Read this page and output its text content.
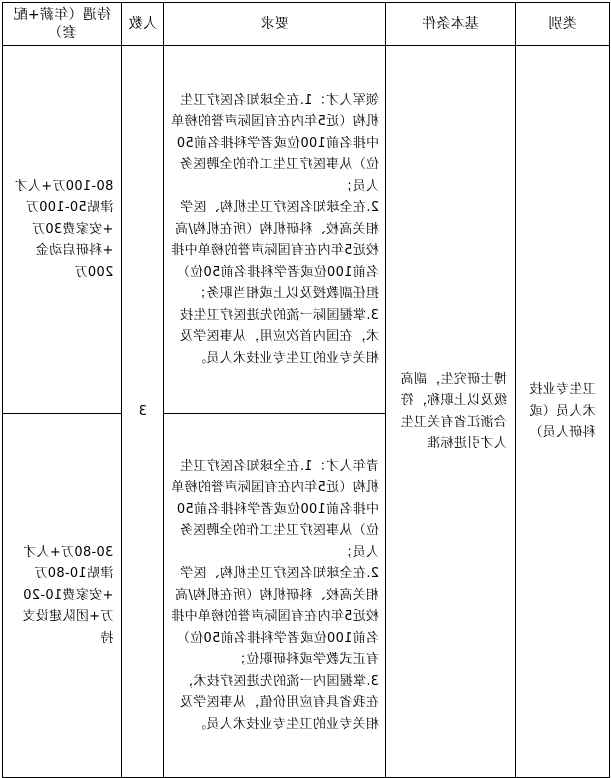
类别	基本条件	要求	人数	待遇（年薪+配套）
卫生专业技术人员（或科研人员）	博士研究生，副高级及以上职称，符合浙江省有关卫生人才引进标准	领军人才：1.在全球知名医疗卫生机构（近5年内在有国际声誉的榜单中排名前100位或者学科排名前50位）从事医疗卫生工作的全聘医务人员；
2.在全球知名医疗卫生机构、医学相关高校、科研机构（所在机构/高校近5年内在有国际声誉的榜单中排名前100位或者学科排名前50位）担任副教授及以上或相当职务；
3.掌握国际一流的先进医疗卫生技术，在国内首次应用，从事医学及相关专业的卫生专业技术人员。	3	80-100万+人才津贴50-100万+安家费30万+科研启动金200万

		青年人才：1.在全球知名医疗卫生机构（近5年内在有国际声誉的榜单中排名前100位或者学科排名前50位）从事医疗卫生工作的全聘医务人员；
2.在全球知名医疗卫生机构、医学相关高校、科研机构（所在机构/高校近5年内在有国际声誉的榜单中排名前100位或者学科排名前50位）有正式教学或科研职位；
3.掌握国内一流的先进医疗技术，在我省具有应用价值，从事医学及相关专业的卫生专业技术人员。		30-80万+人才津贴10-80万+安家费10-20万+团队建设支持
